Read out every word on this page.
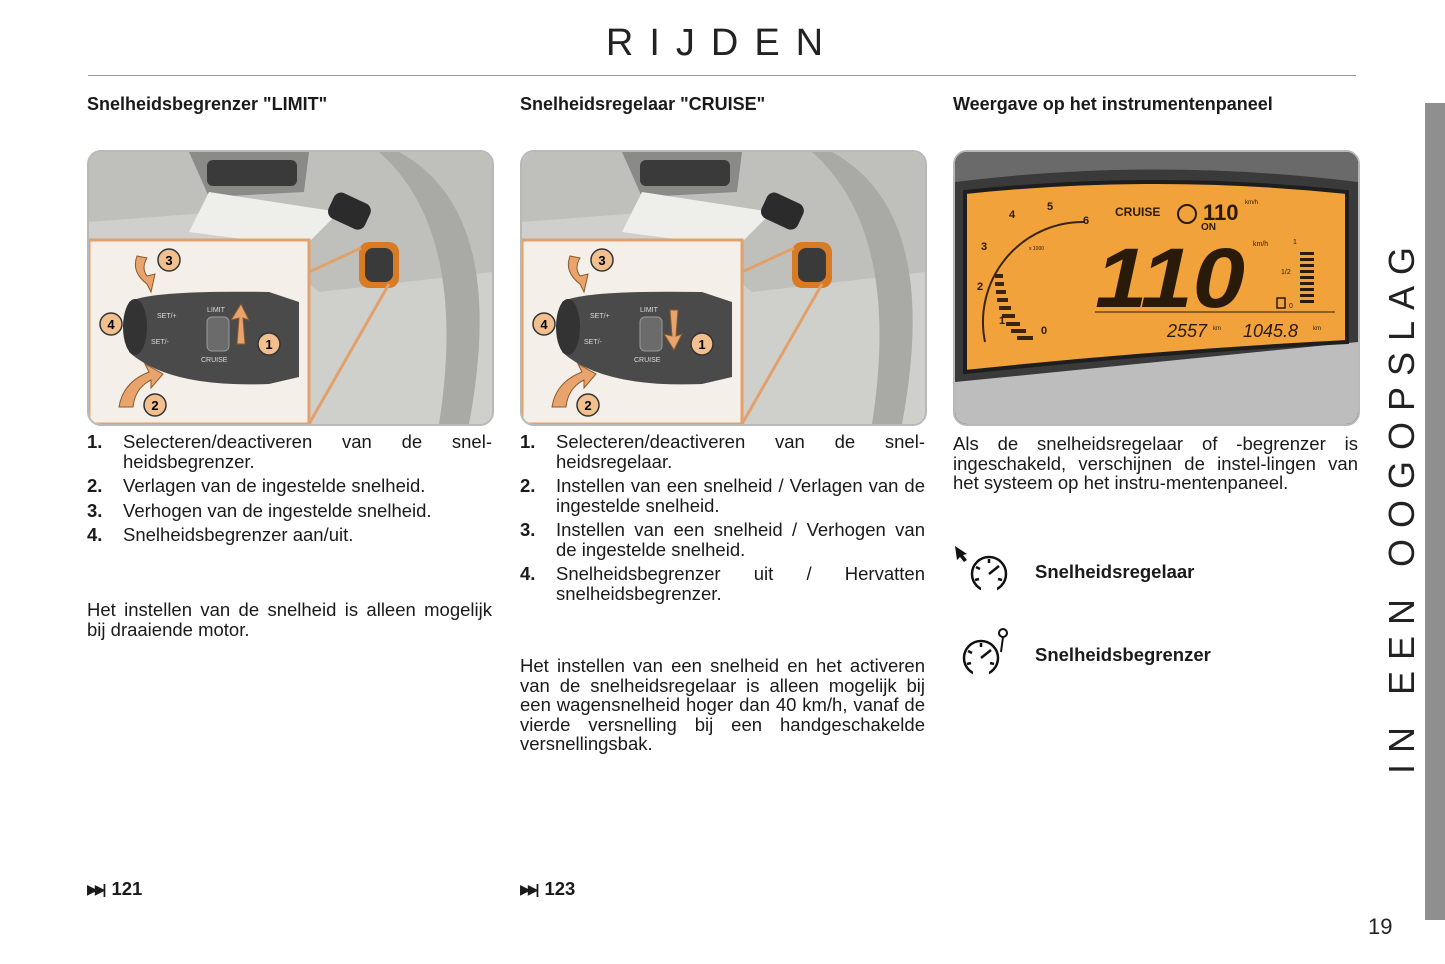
RIJDEN
Snelheidsbegrenzer "LIMIT"
SET/+
SET/-
LIMIT
CRUISE
3
4
1
2
1.	Selecteren/deactiveren van de snel-heidsbegrenzer.
2.	Verlagen van de ingestelde snelheid.
3.	Verhogen van de ingestelde snelheid.
4.	Snelheidsbegrenzer aan/uit.

Het instellen van de snelheid is alleen mogelijk bij draaiende motor.

▶▶| 121
Snelheidsregelaar "CRUISE"
SET/+
SET/-
LIMIT
CRUISE
3
4
1
2
1.	Selecteren/deactiveren van de snel-heidsregelaar.
2.	Instellen van een snelheid / Verlagen van de ingestelde snelheid.
3.	Instellen van een snelheid / Verhogen van de ingestelde snelheid.
4.	Snelheidsbegrenzer uit / Hervatten snelheidsbegrenzer.

Het instellen van een snelheid en het activeren van de snelheidsregelaar is alleen mogelijk bij een wagensnelheid hoger dan 40 km/h, vanaf de vierde versnelling bij een handgeschakelde versnellingsbak.

▶▶| 123
Weergave op het instrumentenpaneel
0
1
2
3
4
5
6
x 1000
CRUISE 110 km/h
ON
110 km/h	1
1/2
0
2557 km 1045.8 km

Als de snelheidsregelaar of -begrenzer is ingeschakeld, verschijnen de instel-lingen van het systeem op het instru-mentenpaneel.

Snelheidsregelaar
Snelheidsbegrenzer	IN EEN OOGOPSLAG
19
